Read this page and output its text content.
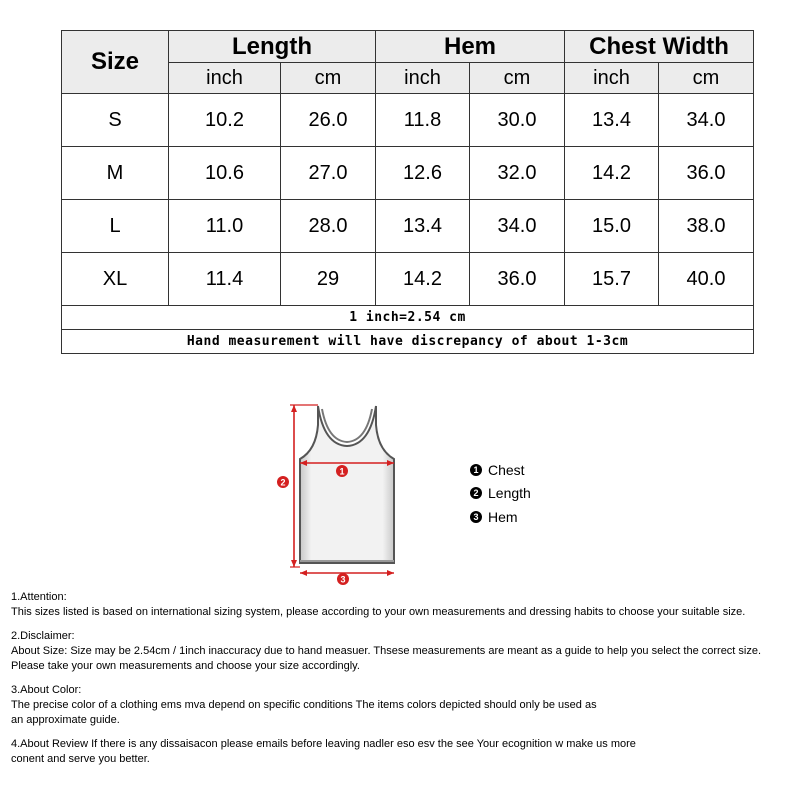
Size	Length		Hem		Chest Width	
	inch	cm	inch	cm	inch	cm
S	10.2	26.0	11.8	30.0	13.4	34.0
M	10.6	27.0	12.6	32.0	14.2	36.0
L	11.0	28.0	13.4	34.0	15.0	38.0
XL	11.4	29	14.2	36.0	15.7	40.0
1 inch=2.54 cm						
Hand measurement will have discrepancy of about 1-3cm						
1
2
3
1 Chest
2 Length
3 Hem

1.Attention:

This sizes listed is based on international sizing system, please according to your own measurements and dressing habits to choose your suitable size.

2.Disclaimer:

About Size: Size may be 2.54cm / 1inch inaccuracy due to hand measuer. Thsese measurements are meant as a guide to help you select the correct size.

Please take your own measurements and choose your size accordingly.

3.About Color:

The precise color of a clothing ems mva depend on specific conditions The items colors depicted should only be used as

an approximate guide.

4.About Review If there is any dissaisacon please emails before leaving nadler eso esv the see Your ecognition w make us more

conent and serve you better.
